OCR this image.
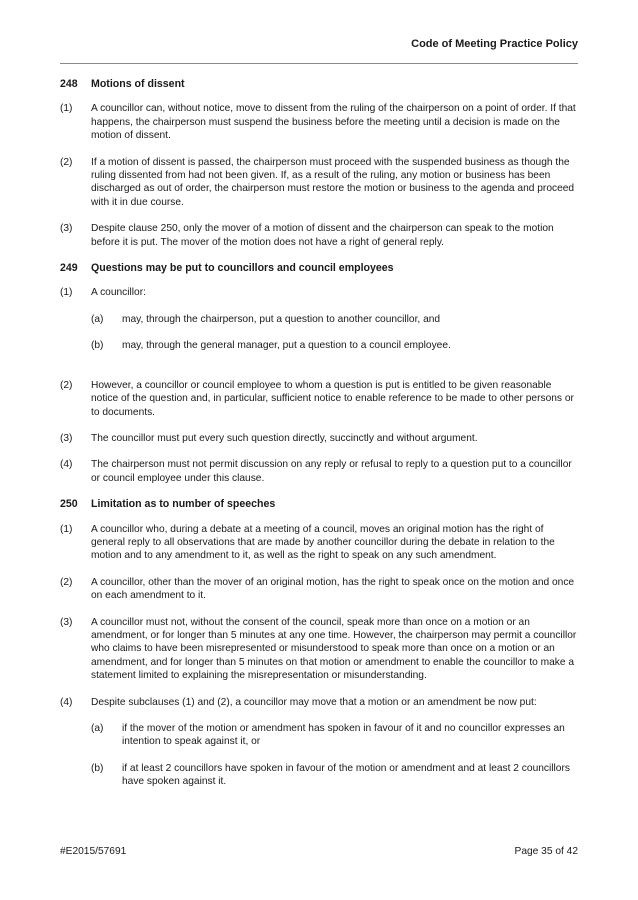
Code of Meeting Practice Policy
248 Motions of dissent
(1)	A councillor can, without notice, move to dissent from the ruling of the chairperson on a point of order. If that happens, the chairperson must suspend the business before the meeting until a decision is made on the motion of dissent.
(2)	If a motion of dissent is passed, the chairperson must proceed with the suspended business as though the ruling dissented from had not been given. If, as a result of the ruling, any motion or business has been discharged as out of order, the chairperson must restore the motion or business to the agenda and proceed with it in due course.
(3)	Despite clause 250, only the mover of a motion of dissent and the chairperson can speak to the motion before it is put. The mover of the motion does not have a right of general reply.
249 Questions may be put to councillors and council employees
(1)	A councillor:
(a)	may, through the chairperson, put a question to another councillor, and
(b)	may, through the general manager, put a question to a council employee.
(2)	However, a councillor or council employee to whom a question is put is entitled to be given reasonable notice of the question and, in particular, sufficient notice to enable reference to be made to other persons or to documents.
(3)	The councillor must put every such question directly, succinctly and without argument.
(4)	The chairperson must not permit discussion on any reply or refusal to reply to a question put to a councillor or council employee under this clause.
250 Limitation as to number of speeches
(1)	A councillor who, during a debate at a meeting of a council, moves an original motion has the right of general reply to all observations that are made by another councillor during the debate in relation to the motion and to any amendment to it, as well as the right to speak on any such amendment.
(2)	A councillor, other than the mover of an original motion, has the right to speak once on the motion and once on each amendment to it.
(3)	A councillor must not, without the consent of the council, speak more than once on a motion or an amendment, or for longer than 5 minutes at any one time. However, the chairperson may permit a councillor who claims to have been misrepresented or misunderstood to speak more than once on a motion or an amendment, and for longer than 5 minutes on that motion or amendment to enable the councillor to make a statement limited to explaining the misrepresentation or misunderstanding.
(4)	Despite subclauses (1) and (2), a councillor may move that a motion or an amendment be now put:
(a)	if the mover of the motion or amendment has spoken in favour of it and no councillor expresses an intention to speak against it, or
(b)	if at least 2 councillors have spoken in favour of the motion or amendment and at least 2 councillors have spoken against it.
#E2015/57691	Page 35 of 42
